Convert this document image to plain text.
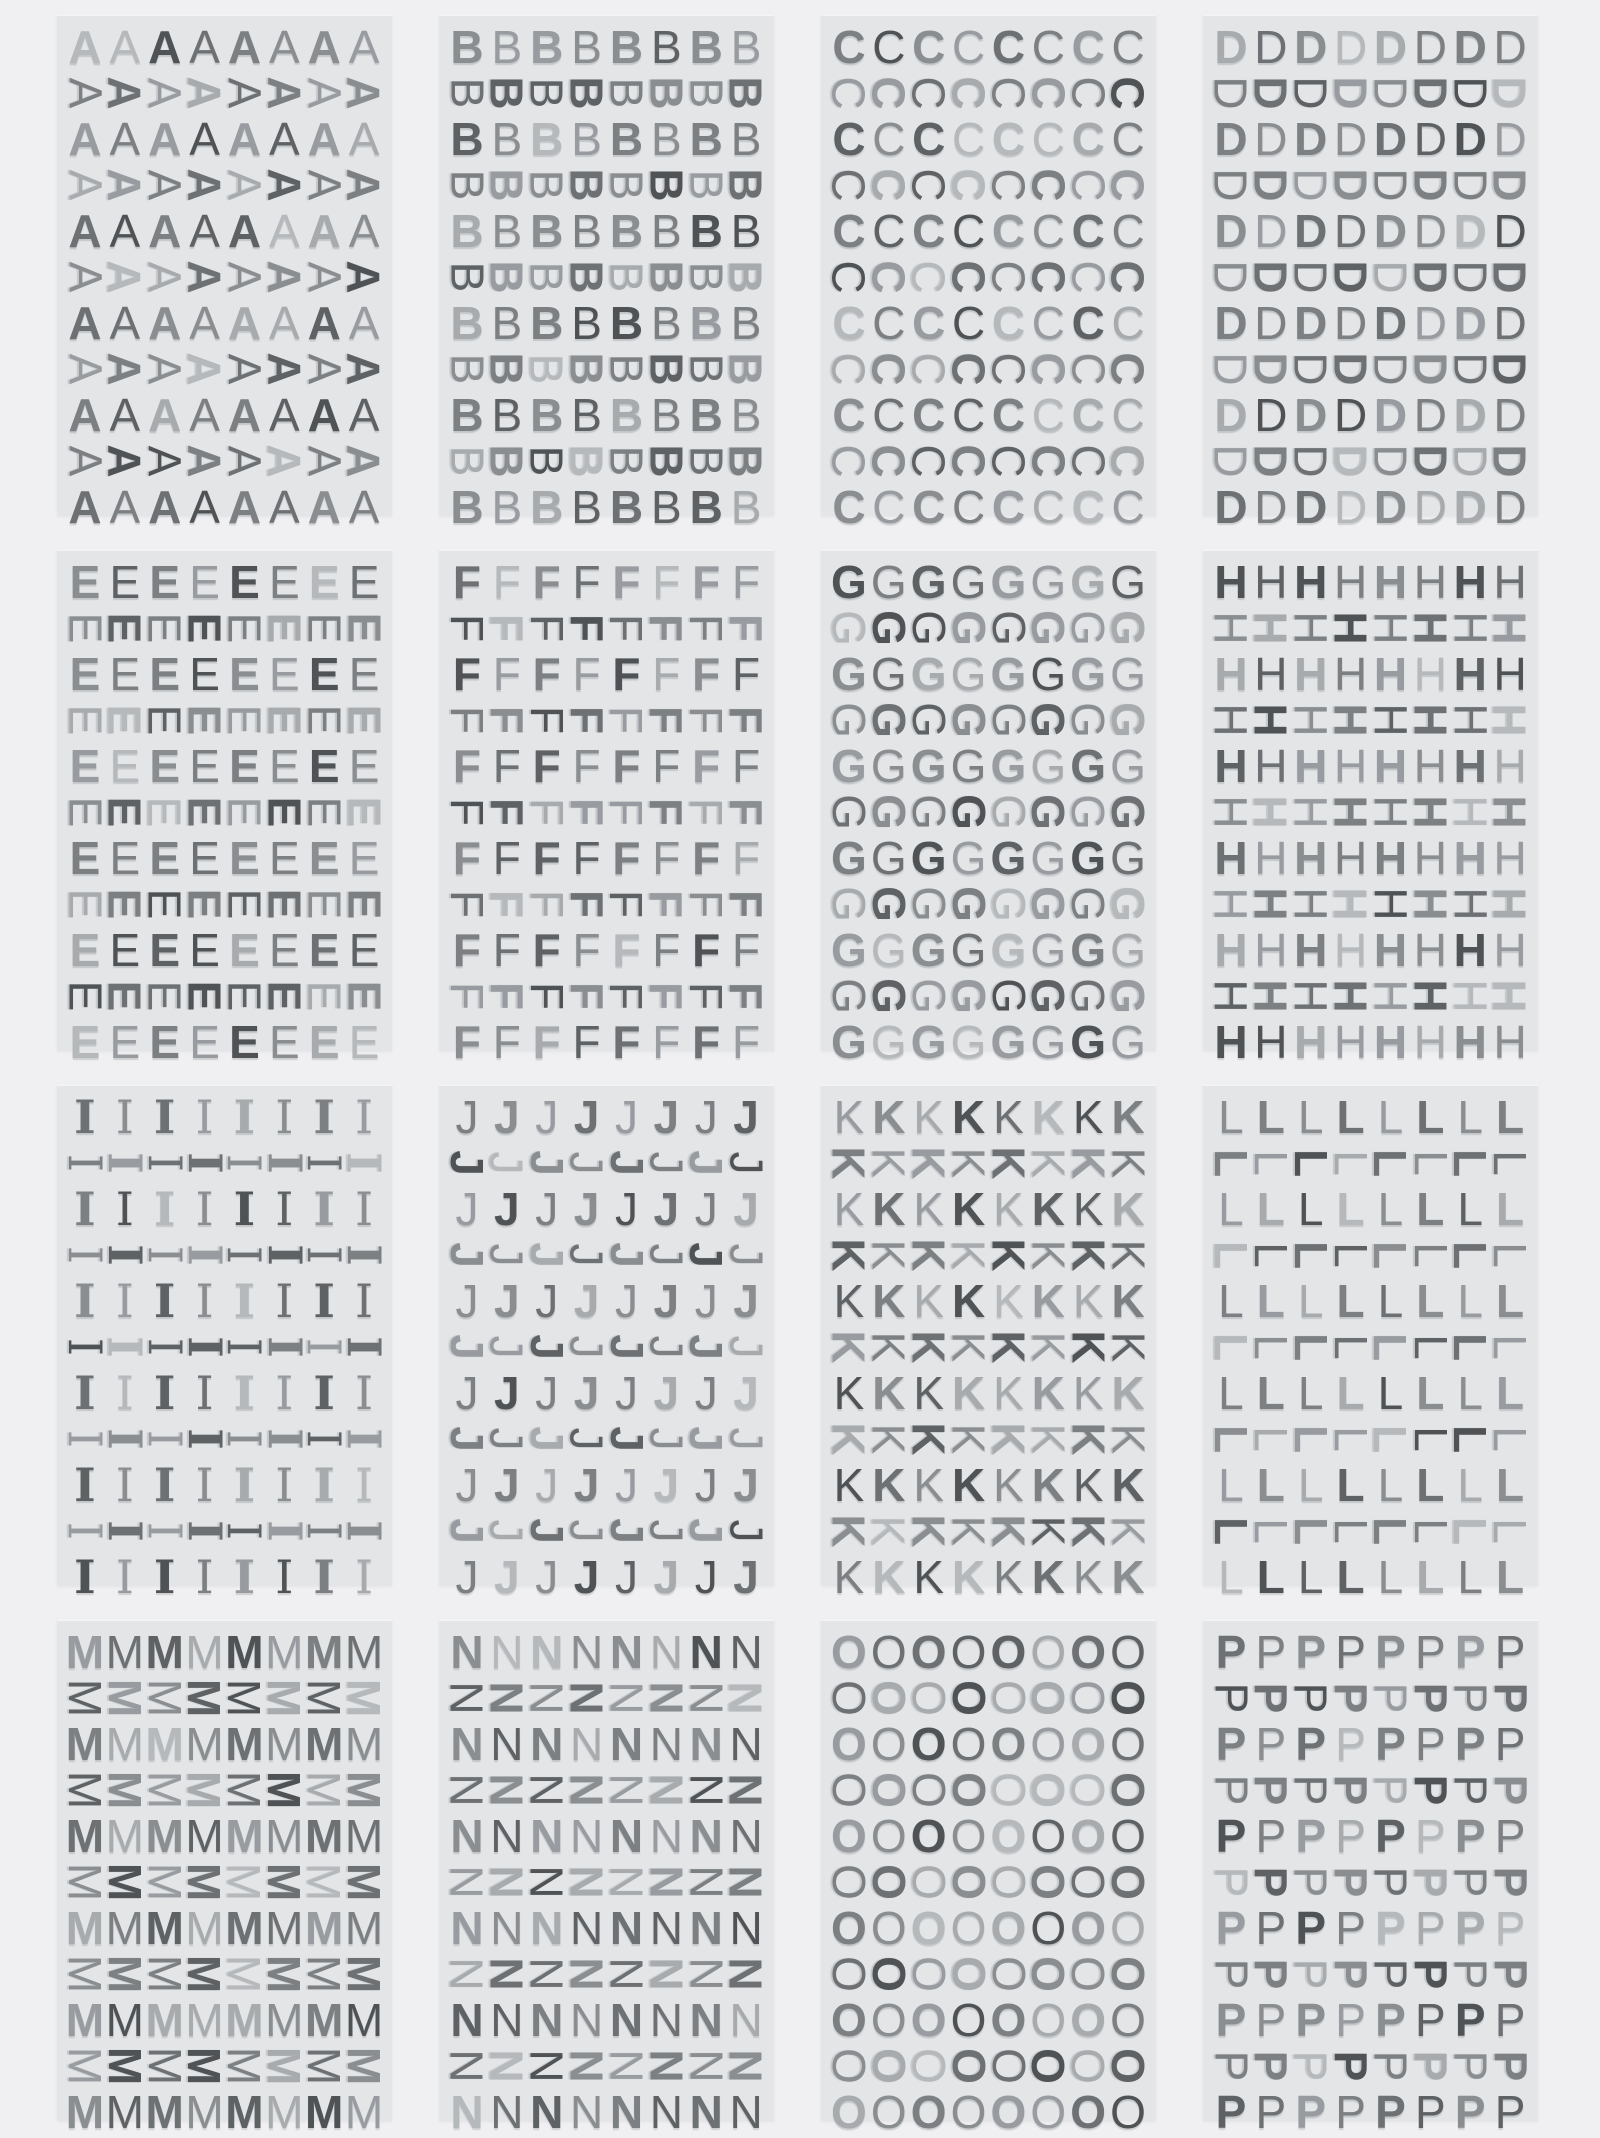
A A A A A A A A
A
A
A
A
A
A
A
A
A A A A A A A A
A
A
A
A
A
A
A
A
A A A A A A A A
A
A
A
A
A
A
A
A
A A A A A A A A
A
A
A
A
A
A
A
A
A A A A A A A A
A
A
A
A
A
A
A
A
A A A A A A A A
B B B B B B B B
B
B
B
B
B
B
B
B
B B B B B B B B
B
B
B
B
B
B
B
B
B B B B B B B B
B
B
B
B
B
B
B
B
B B B B B B B B
B
B
B
B
B
B
B
B
B B B B B B B B
B
B
B
B
B
B
B
B
B B B B B B B B
C C C C C C C C
C
C
C
C
C
C
C
C
C C C C C C C C
C
C
C
C
C
C
C
C
C C C C C C C C
C
C
C
C
C
C
C
C
C C C C C C C C
C
C
C
C
C
C
C
C
C C C C C C C C
C
C
C
C
C
C
C
C
C C C C C C C C
D D D D D D D D
D
D
D
D
D
D
D
D
D D D D D D D D
D
D
D
D
D
D
D
D
D D D D D D D D
D
D
D
D
D
D
D
D
D D D D D D D D
D
D
D
D
D
D
D
D
D D D D D D D D
D
D
D
D
D
D
D
D
D D D D D D D D
E E E E E E E E
E
E
E
E
E
E
E
E
E E E E E E E E
E
E
E
E
E
E
E
E
E E E E E E E E
E
E
E
E
E
E
E
E
E E E E E E E E
E
E
E
E
E
E
E
E
E E E E E E E E
E
E
E
E
E
E
E
E
E E E E E E E E
F F F F F F F F
F
F
F
F
F
F
F
F
F F F F F F F F
F
F
F
F
F
F
F
F
F F F F F F F F
F
F
F
F
F
F
F
F
F F F F F F F F
F
F
F
F
F
F
F
F
F F F F F F F F
F
F
F
F
F
F
F
F
F F F F F F F F
G G G G G G G G
G
G
G
G
G
G
G
G
G G G G G G G G
G
G
G
G
G
G
G
G
G G G G G G G G
G
G
G
G
G
G
G
G
G G G G G G G G
G
G
G
G
G
G
G
G
G G G G G G G G
G
G
G
G
G
G
G
G
G G G G G G G G
H H H H H H H H
H
H
H
H
H
H
H
H
H H H H H H H H
H
H
H
H
H
H
H
H
H H H H H H H H
H
H
H
H
H
H
H
H
H H H H H H H H
H
H
H
H
H
H
H
H
H H H H H H H H
H
H
H
H
H
H
H
H
H H H H H H H H
I I I I I I I I
I
I
I
I
I
I
I
I
I I I I I I I I
I
I
I
I
I
I
I
I
I I I I I I I I
I
I
I
I
I
I
I
I
I I I I I I I I
I
I
I
I
I
I
I
I
I I I I I I I I
I
I
I
I
I
I
I
I
I I I I I I I I
J J J J J J J J
J
J
J
J
J
J
J
J
J J J J J J J J
J
J
J
J
J
J
J
J
J J J J J J J J
J
J
J
J
J
J
J
J
J J J J J J J J
J
J
J
J
J
J
J
J
J J J J J J J J
J
J
J
J
J
J
J
J
J J J J J J J J
K K K K K K K K
K
K
K
K
K
K
K
K
K K K K K K K K
K
K
K
K
K
K
K
K
K K K K K K K K
K
K
K
K
K
K
K
K
K K K K K K K K
K
K
K
K
K
K
K
K
K K K K K K K K
K
K
K
K
K
K
K
K
K K K K K K K K
L L L L L L L L
L
L
L
L
L
L
L
L
L L L L L L L L
L
L
L
L
L
L
L
L
L L L L L L L L
L
L
L
L
L
L
L
L
L L L L L L L L
L
L
L
L
L
L
L
L
L L L L L L L L
L
L
L
L
L
L
L
L
L L L L L L L L
M M M M M M M M
M
M
M
M
M
M
M
M
M M M M M M M M
M
M
M
M
M
M
M
M
M M M M M M M M
M
M
M
M
M
M
M
M
M M M M M M M M
M
M
M
M
M
M
M
M
M M M M M M M M
M
M
M
M
M
M
M
M
M M M M M M M M
N N N N N N N N
N
N
N
N
N
N
N
N
N N N N N N N N
N
N
N
N
N
N
N
N
N N N N N N N N
N
N
N
N
N
N
N
N
N N N N N N N N
N
N
N
N
N
N
N
N
N N N N N N N N
N
N
N
N
N
N
N
N
N N N N N N N N
O O O O O O O O
O
O
O
O
O
O
O
O
O O O O O O O O
O
O
O
O
O
O
O
O
O O O O O O O O
O
O
O
O
O
O
O
O
O O O O O O O O
O
O
O
O
O
O
O
O
O O O O O O O O
O
O
O
O
O
O
O
O
O O O O O O O O
P P P P P P P P
P
P
P
P
P
P
P
P
P P P P P P P P
P
P
P
P
P
P
P
P
P P P P P P P P
P
P
P
P
P
P
P
P
P P P P P P P P
P
P
P
P
P
P
P
P
P P P P P P P P
P
P
P
P
P
P
P
P
P P P P P P P P
